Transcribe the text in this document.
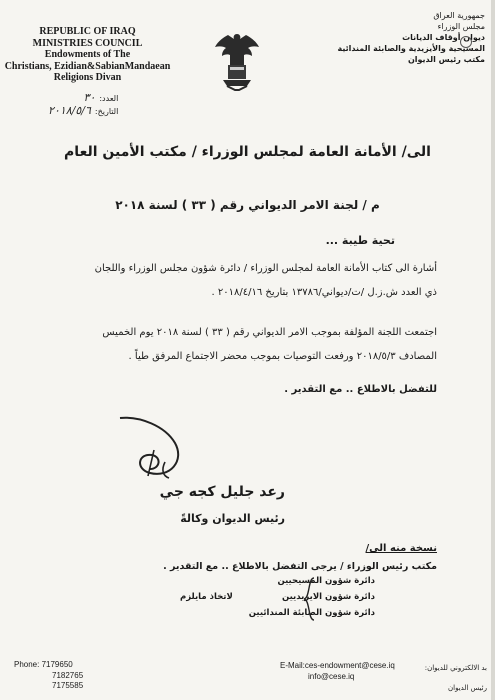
REPUBLIC OF IRAQ
MINISTRIES COUNCIL
Endowments of The
Christians, Ezidian&SabianMandaean
Religions Divan
جمهورية العراق
مجلس الوزراء
ديوان أوقاف الديانات
المسيحية والأيزيدية والصابئة المندائية
مكتب رئيس الديوان
العدد:
٣٠
التاريخ:
٢٠١٨/٥/٦
الى/ الأمانة العامة لمجلس الوزراء / مكتب الأمين العام
م / لجنة الامر الديواني رقم ( ٣٣ ) لسنة ٢٠١٨
تحية طيبة ...
أشارة الى كتاب الأمانة العامة لمجلس الوزراء / دائرة شؤون مجلس الوزراء واللجان
ذي العدد ش.ز.ل /ت/ديواني/١٣٧٨٦ بتاريخ ٢٠١٨/٤/١٦ .
اجتمعت اللجنة المؤلفة بموجب الامر الديواني رقم ( ٣٣ ) لسنة ٢٠١٨ يوم الخميس
المصادف ٢٠١٨/٥/٣ ورفعت التوصيات بموجب محضر الاجتماع المرفق طياً .
للتفضل بالاطلاع .. مع التقدير .
رعد جليل كجه جي
رئيس الديوان وكالةً
نسخة منه الى/
مكتب رئيس الوزراء / يرجى التفضل بالاطلاع .. مع التقدير .
دائرة شؤون المسيحيين
دائرة شؤون الايزيديين
دائرة شؤون الصابئة المندائيين
لاتخاذ مايلزم
Phone: 7179650
7182765
7175585
E-Mail:ces-endowment@cese.iq
info@cese.iq
بد الالكتروني للديوان:
رئيس الديوان
